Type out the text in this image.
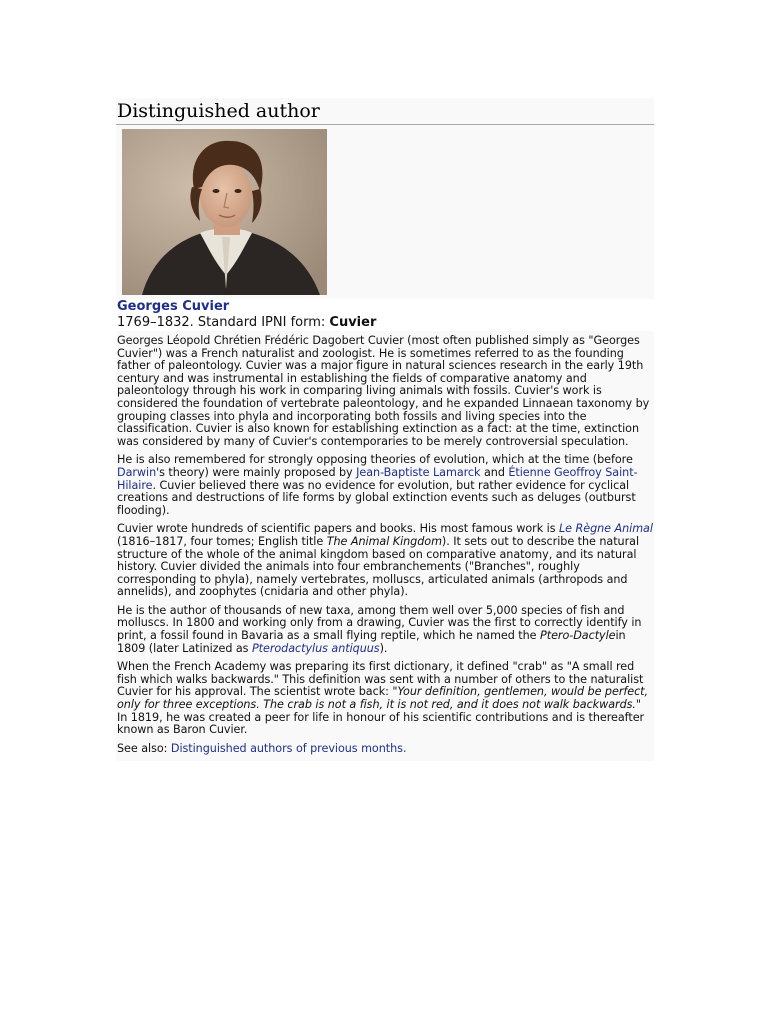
Distinguished author
Georges Cuvier
1769–1832. Standard IPNI form: Cuvier

Georges Léopold Chrétien Frédéric Dagobert Cuvier (most often published simply as "Georges Cuvier") was a French naturalist and zoologist. He is sometimes referred to as the founding father of paleontology. Cuvier was a major figure in natural sciences research in the early 19th century and was instrumental in establishing the fields of comparative anatomy and paleontology through his work in comparing living animals with fossils. Cuvier's work is considered the foundation of vertebrate paleontology, and he expanded Linnaean taxonomy by grouping classes into phyla and incorporating both fossils and living species into the classification. Cuvier is also known for establishing extinction as a fact: at the time, extinction was considered by many of Cuvier's contemporaries to be merely controversial speculation.

He is also remembered for strongly opposing theories of evolution, which at the time (before Darwin's theory) were mainly proposed by Jean-Baptiste Lamarck and Étienne Geoffroy Saint-Hilaire. Cuvier believed there was no evidence for evolution, but rather evidence for cyclical creations and destructions of life forms by global extinction events such as deluges (outburst flooding).

Cuvier wrote hundreds of scientific papers and books. His most famous work is Le Règne Animal (1816–1817, four tomes; English title The Animal Kingdom). It sets out to describe the natural structure of the whole of the animal kingdom based on comparative anatomy, and its natural history. Cuvier divided the animals into four embranchements ("Branches", roughly corresponding to phyla), namely vertebrates, molluscs, articulated animals (arthropods and annelids), and zoophytes (cnidaria and other phyla).

He is the author of thousands of new taxa, among them well over 5,000 species of fish and molluscs. In 1800 and working only from a drawing, Cuvier was the first to correctly identify in print, a fossil found in Bavaria as a small flying reptile, which he named the Ptero-Dactylein 1809 (later Latinized as Pterodactylus antiquus).

When the French Academy was preparing its first dictionary, it defined "crab" as "A small red fish which walks backwards." This definition was sent with a number of others to the naturalist Cuvier for his approval. The scientist wrote back: "Your definition, gentlemen, would be perfect, only for three exceptions. The crab is not a fish, it is not red, and it does not walk backwards." In 1819, he was created a peer for life in honour of his scientific contributions and is thereafter known as Baron Cuvier.

See also: Distinguished authors of previous months.
